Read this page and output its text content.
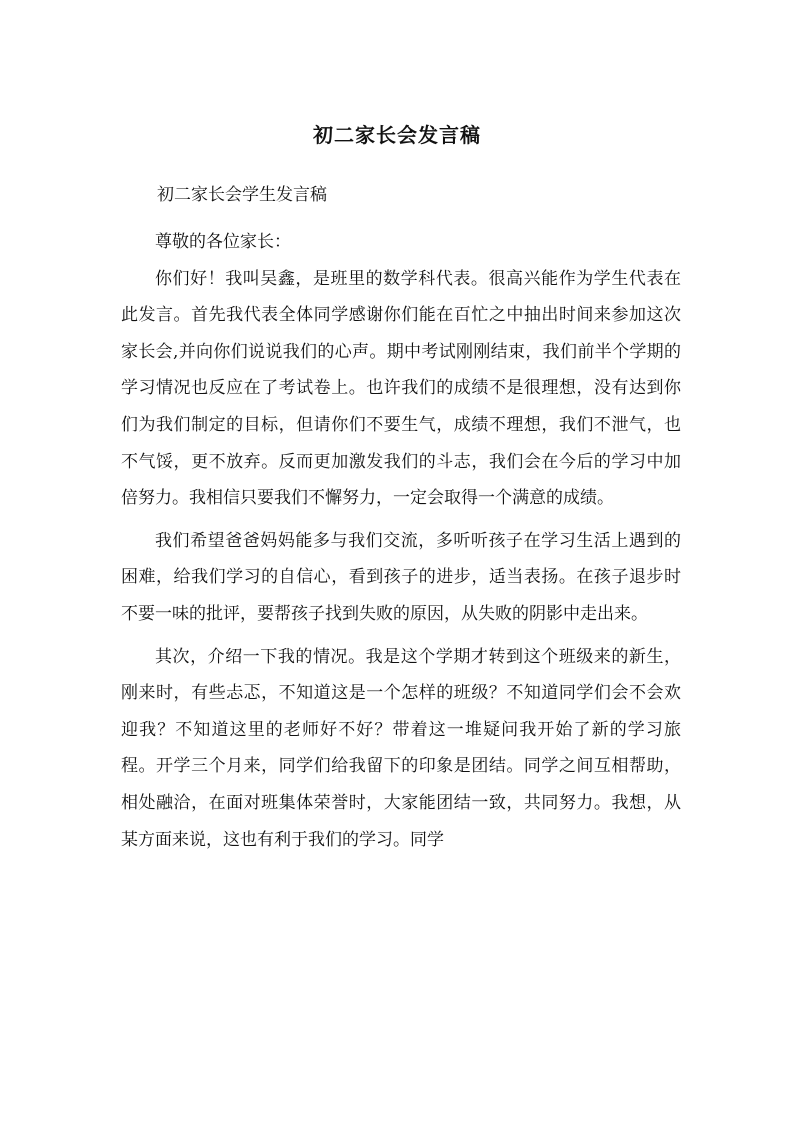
初二家长会发言稿
初二家长会学生发言稿

尊敬的各位家长：

你们好！我叫吴鑫，是班里的数学科代表。很高兴能作为学生代表在此发言。首先我代表全体同学感谢你们能在百忙之中抽出时间来参加这次家长会,并向你们说说我们的心声。期中考试刚刚结束，我们前半个学期的学习情况也反应在了考试卷上。也许我们的成绩不是很理想，没有达到你们为我们制定的目标，但请你们不要生气，成绩不理想，我们不泄气，也不气馁，更不放弃。反而更加激发我们的斗志，我们会在今后的学习中加倍努力。我相信只要我们不懈努力，一定会取得一个满意的成绩。

我们希望爸爸妈妈能多与我们交流，多听听孩子在学习生活上遇到的困难，给我们学习的自信心，看到孩子的进步，适当表扬。在孩子退步时不要一味的批评，要帮孩子找到失败的原因，从失败的阴影中走出来。

其次，介绍一下我的情况。我是这个学期才转到这个班级来的新生，刚来时，有些忐忑，不知道这是一个怎样的班级？不知道同学们会不会欢迎我？不知道这里的老师好不好？带着这一堆疑问我开始了新的学习旅程。开学三个月来，同学们给我留下的印象是团结。同学之间互相帮助，相处融洽，在面对班集体荣誉时，大家能团结一致，共同努力。我想，从某方面来说，这也有利于我们的学习。同学
